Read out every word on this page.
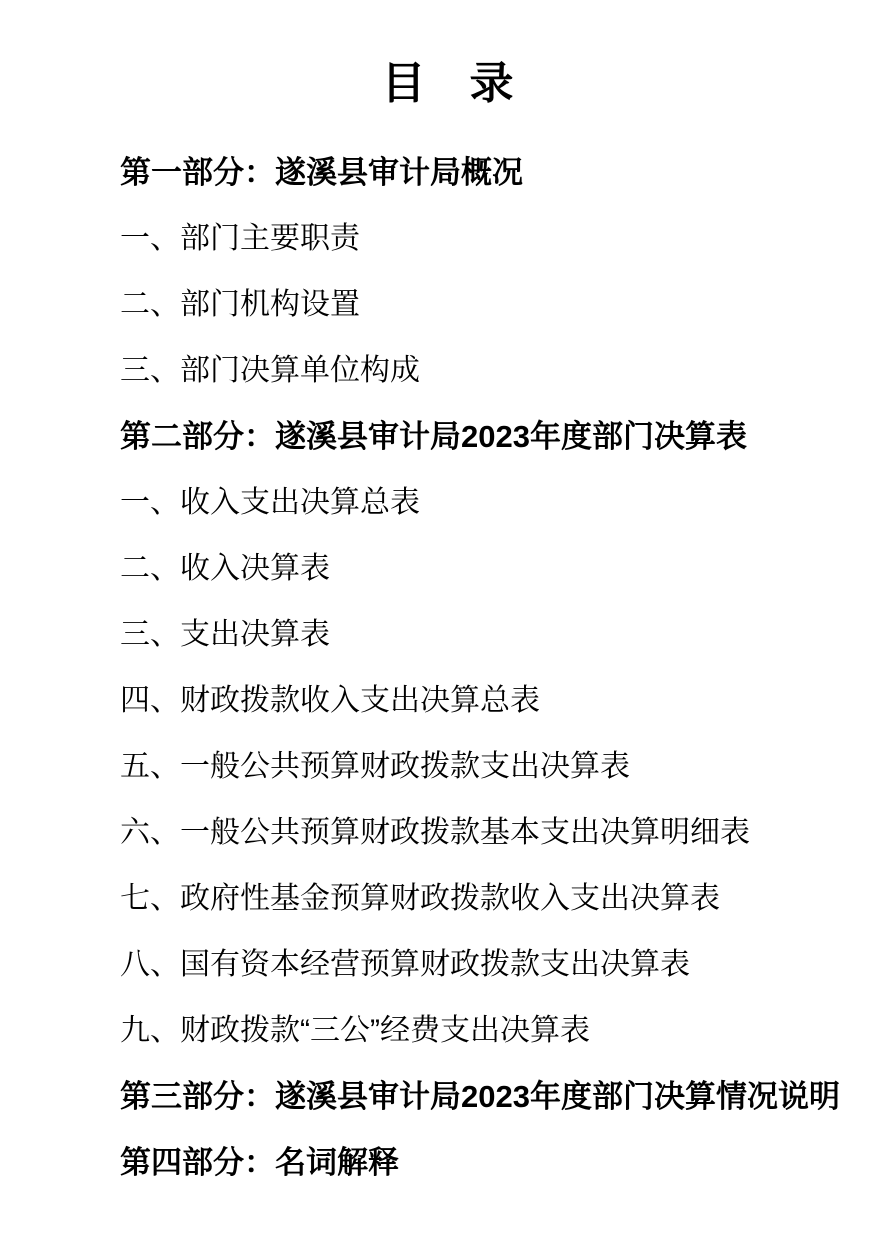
目　录

第一部分：遂溪县审计局概况

一、部门主要职责

二、部门机构设置

三、部门决算单位构成

第二部分：遂溪县审计局2023年度部门决算表

一、收入支出决算总表

二、收入决算表

三、支出决算表

四、财政拨款收入支出决算总表

五、一般公共预算财政拨款支出决算表

六、一般公共预算财政拨款基本支出决算明细表

七、政府性基金预算财政拨款收入支出决算表

八、国有资本经营预算财政拨款支出决算表

九、财政拨款“三公”经费支出决算表

第三部分：遂溪县审计局2023年度部门决算情况说明

第四部分：名词解释
